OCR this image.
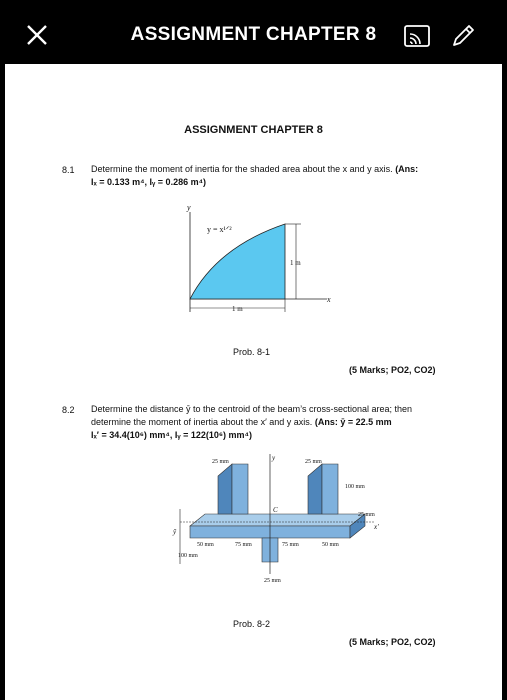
ASSIGNMENT CHAPTER 8
ASSIGNMENT CHAPTER 8
8.1 Determine the moment of inertia for the shaded area about the x and y axis. (Ans:
Iₓ = 0.133 m⁴, Iᵧ = 0.286 m⁴)
y = x¹ᐟ²
1 m
1 m
x
y
Prob. 8-1
(5 Marks; PO2, CO2)
8.2 Determine the distance ȳ to the centroid of the beam’s cross-sectional area; then
determine the moment of inertia about the x′ and y axis. (Ans: ȳ = 22.5 mm
Iₓ′ = 34.4(10⁶) mm⁴, Iᵧ = 122(10⁶) mm⁴)
25 mm	25 mm
100 mm
25 mm
50 mm	75 mm	75 mm	50 mm
100 mm
25 mm
C
x′
y
ȳ
Prob. 8-2
(5 Marks; PO2, CO2)
